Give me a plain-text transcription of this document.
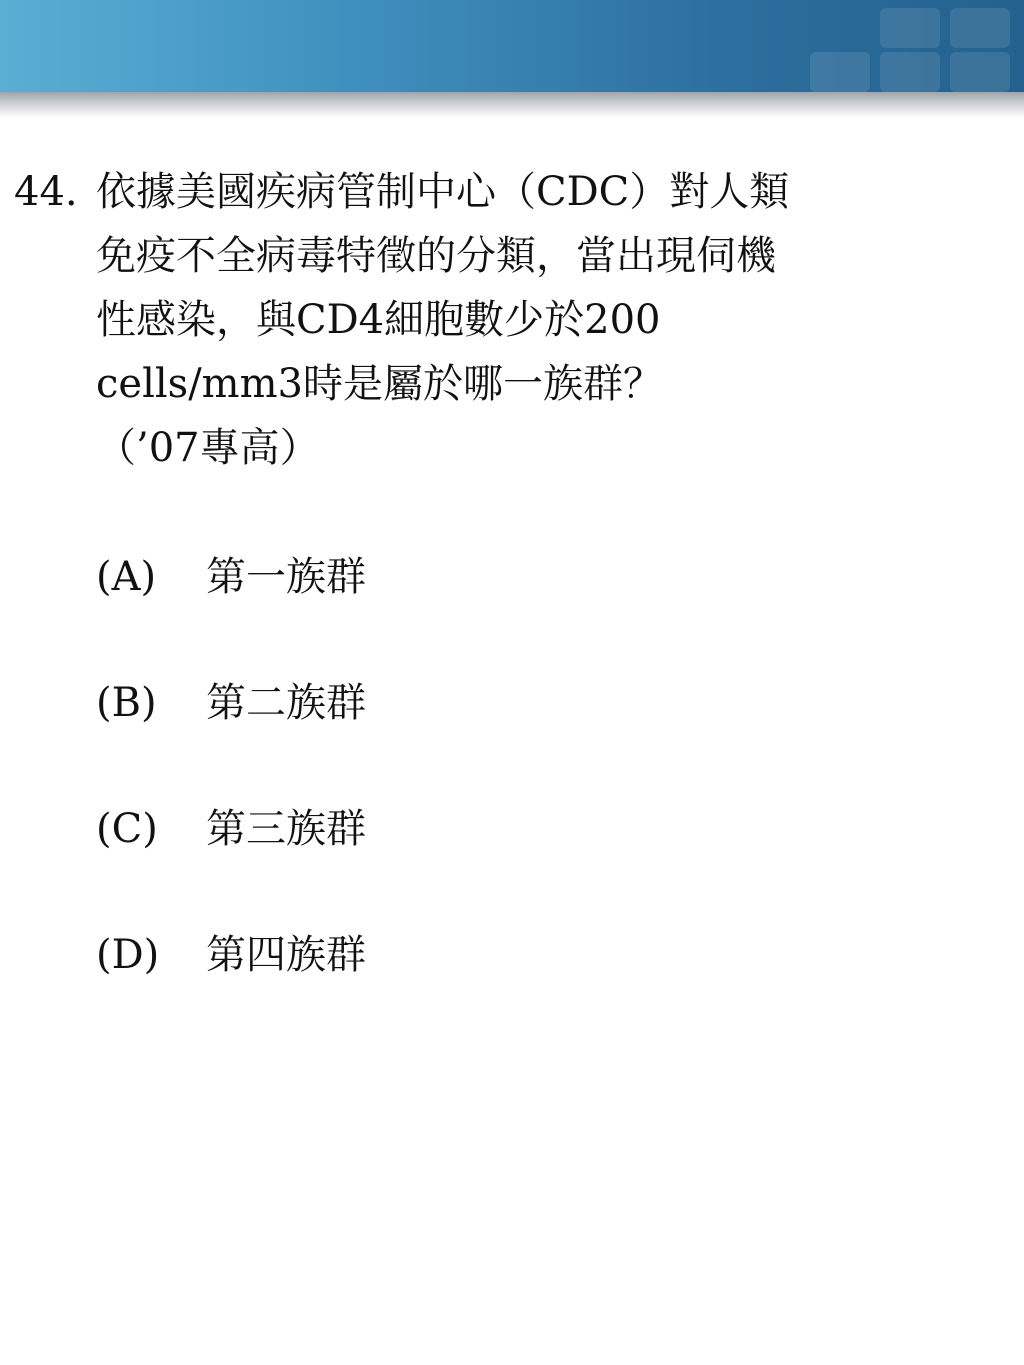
44. 依據美國疾病管制中心（CDC）對人類
免疫不全病毒特徵的分類，當出現伺機
性感染，與CD4細胞數少於200
cells/mm3時是屬於哪一族群？
（’07專高）
(A) 第一族群
(B) 第二族群
(C) 第三族群
(D) 第四族群
